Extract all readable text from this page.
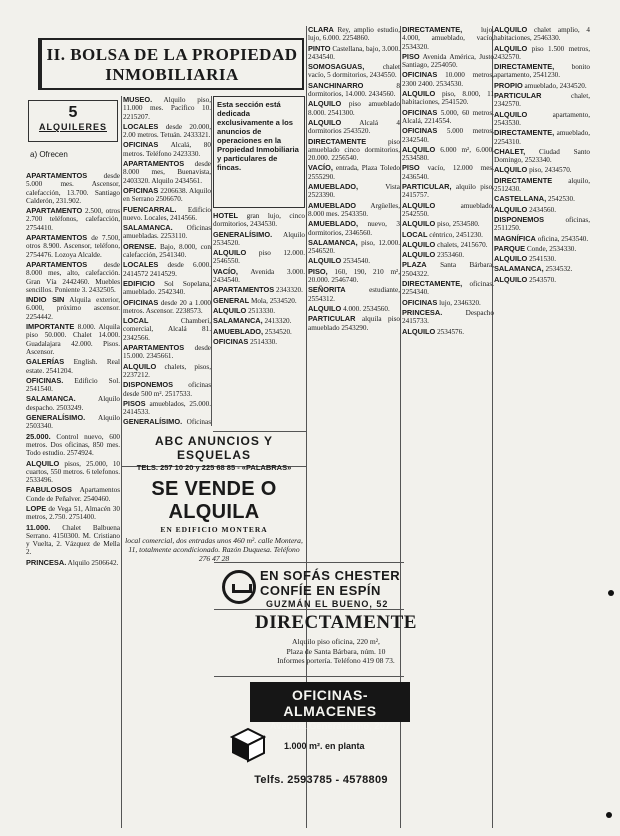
II. BOLSA DE LA PROPIEDAD
INMOBILIARIA
5
ALQUILERES
a) Ofrecen

APARTAMENTOS desde 5.000 mes. Ascensor, calefacción, 13.700. Santiago Calderón, 231.902.

APARTAMENTO 2.500, otros 2.700 teléfonos, calefacción, 2754410.

APARTAMENTOS de 7.500, otros 8.900. Ascensor, teléfono, 2754476. Lozoya Alcalde.

APARTAMENTOS desde 8.000 mes, alto, calefacción. Gran Vía 2442460. Muebles sencillos. Poniente 3. 2432505.

INDIO SIN Alquila exterior, 6.000, próximo ascensor. 2254442.

IMPORTANTE 8.000. Alquila piso 50.000. Chalet 14.000. Guadalajara 42.000. Pisos. Ascensor.

GALERÍAS English. Real estate. 2541204.

OFICINAS. Edificio Sol. 2541540.

SALAMANCA.	Alquilo despacho. 2503249.

GENERALÍSIMO. Alquilo 2503340.

25.000. Control nuevo, 600 metros. Dos oficinas, 850 mes. Todo estudio. 2574924.

ALQUILO pisos, 25.000, 10 cuartos, 550 metros. 6 telefonos. 2533496.

FABULOSOS Apartamentos Conde de Peñalver. 2540460.

LOPE de Vega 51, Almacén 30 metros, 2.750. 2751400.

11.000. Chalet Balbuena Serrano. 4150300. M. Cristiano y Vuelta, 2. Vázquez de Mella 2.

PRINCESA. Alquilo 2506642.

MUSEO. Alquilo piso, 11.000 mes. Pacífico 10. 2215207.

LOCALES desde 20.000, 2.00 metros. Tetuán. 2433321.

OFICINAS Alcalá, 80 metros. Teléfono 2423330.

APARTAMENTOS desde 8.000 mes, Buenavista, 2403320. Alquilo 2434561.

OFICINAS 2206638. Alquilo en Serrano 2506670.

FUENCARRAL. Edificio nuevo. Locales, 2414566.

SALAMANCA. Oficinas amuebladas. 2253110.

ORENSE. Bajo, 8.000, con calefacción, 2541340.

LOCALES desde 6.000. 2414572 2414529.

EDIFICIO Sol Sopelana, amueblado. 2542340.

OFICINAS desde 20 a 1.000 metros. Ascensor. 2238573.

LOCAL	Chamberí, comercial, Alcalá 81. 2342566.

APARTAMENTOS desde 15.000. 2345661.

ALQUILO chalets, pisos, 2237212.

DISPONEMOS oficinas desde 500 m². 2517533.

PISOS amueblados, 25.000. 2414533.

GENERALÍSIMO. Oficinas

CLARA Rey, amplio estudio, lujo, 6.000. 2254860.

PINTO Castellana, bajo, 3.000. 2434540.

SOMOSAGUAS,	chalet vacío, 5 dormitorios, 2434550.

SANCHINARRO	8 dormitorios, 14.000. 2434560.

ALQUILO piso amueblado 8.000. 2541300.

ALQUILO	Alcalá 4 dormitorios 2543520.

DIRECTAMENTE	piso amueblado cinco dormitorios, 20.000. 2256540.

VACÍO, entrada, Plaza Toledo 2555290.

AMUEBLADO,	Vista 2523390.

AMUEBLADO Argüelles, 8.000 mes. 2543350.

AMUEBLADO, nuevo, 3 dormitorios, 2346560.

SALAMANCA, piso, 12.000. 2546520.

ALQUILO 2534540.

PISO, 160, 190, 210 m², 20.000. 2546740.

SEÑORITA	estudiante, 2554312.

ALQUILO 4.000. 2534560.

PARTICULAR alquila piso amueblado 2543290.

DIRECTAMENTE,	lujo, 4.000, amueblado, vacío, 2534320.

PISO Avenida América, Justo Santiago, 2254050.

OFICINAS 10.000 metros, 2300 2400. 2534530.

ALQUILO piso, 8.000, 11 habitaciones, 2541520.

OFICINAS 5.000, 60 metros. Alcalá, 2214554.

OFICINAS 5.000 metros, 2342540.

ALQUILO 6.000 m², 6.000. 2534580.

PISO vacío, 12.000 mes. 2436540.

PARTICULAR, alquilo piso, 2415757.

ALQUILO	amueblado, 2542550.

ALQUILO piso, 2534580.

LOCAL céntrico, 2451230.

ALQUILO chalets, 2415670.

ALQUILO 2353460.

PLAZA Santa Bárbara, 2504322.

DIRECTAMENTE, oficinas. 2254340.

OFICINAS lujo, 2346320.

PRINCESA.	Despacho 2415733.

ALQUILO 2534576.

ALQUILO chalet amplio, 4 habitaciones, 2546330.

ALQUILO piso 1.500 metros, 2432570.

DIRECTAMENTE, bonito apartamento, 2541230.

PROPIO amueblado, 2434520.

PARTICULAR	chalet, 2342570.

ALQUILO	apartamento, 2543530.

DIRECTAMENTE, amueblado, 2254310.

CHALET, Ciudad Santo Domingo, 2523340.

ALQUILO piso, 2434570.

DIRECTAMENTE alquilo, 2512430.

CASTELLANA, 2542530.

ALQUILO 2434560.

DISPONEMOS	oficinas, 2511250.

MAGNÍFICA oficina, 2543540.

PARQUE Conde, 2534330.

ALQUILO 2541530.

SALAMANCA, 2534532.

ALQUILO 2543570.

Esta sección está dedicada exclusivamente a los anuncios de operaciones en la Propiedad Inmobiliaria y particulares de fincas.

HOTEL gran lujo, cinco dormitorios, 2434530.

GENERALÍSIMO. Alquilo 2534520.

ALQUILO piso 12.000. 2546550.

VACÍO, Avenida 3.000. 2434540.

APARTAMENTOS 2343320.

GENERAL Mola, 2534520.

ALQUILO 2513330.

SALAMANCA, 2413320.

AMUEBLADO, 2534520.

OFICINAS 2514330.

ABC ANUNCIOS Y ESQUELAS
TELS. 257 10 20 y 225 68 85 - «PALABRAS»
SE VENDE O ALQUILA
EN EDIFICIO MONTERA
local comercial, dos entradas unos 460 m². calle Montera, 11, totalmente acondicionado. Razón Duquesa. Teléfono 276 47 28
EN SOFÁS CHESTER
CONFÍE EN ESPÍN
GUZMÁN EL BUENO, 52
DIRECTAMENTE
Alquilo piso oficina, 220 m²,
Plaza de Santa Bárbara, núm. 10
Informes portería. Teléfono 419 08 73.
OFICINAS-ALMACENES
Avenida Generalísimo, 207
1.000 m². en planta
Telfs. 2593785 - 4578809
